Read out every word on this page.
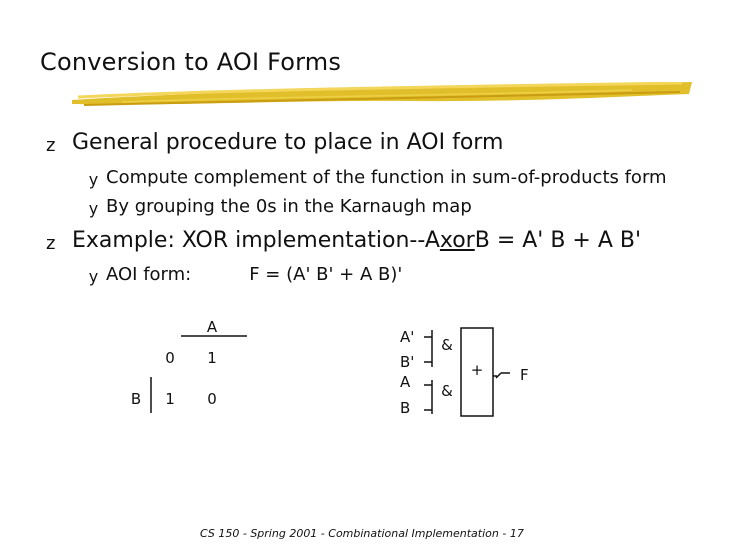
Conversion to AOI Forms
z General procedure to place in AOI form
y Compute complement of the function in sum-of-products form
y By grouping the 0s in the Karnaugh map
z Example: XOR implementation--A xor B = A' B + A B'
y AOI form:	F = (A' B' + A B)'
A
0 1
B 1 0
A'
B'
A
B
&
&
+ F
CS 150 - Spring 2001 - Combinational Implementation - 17
